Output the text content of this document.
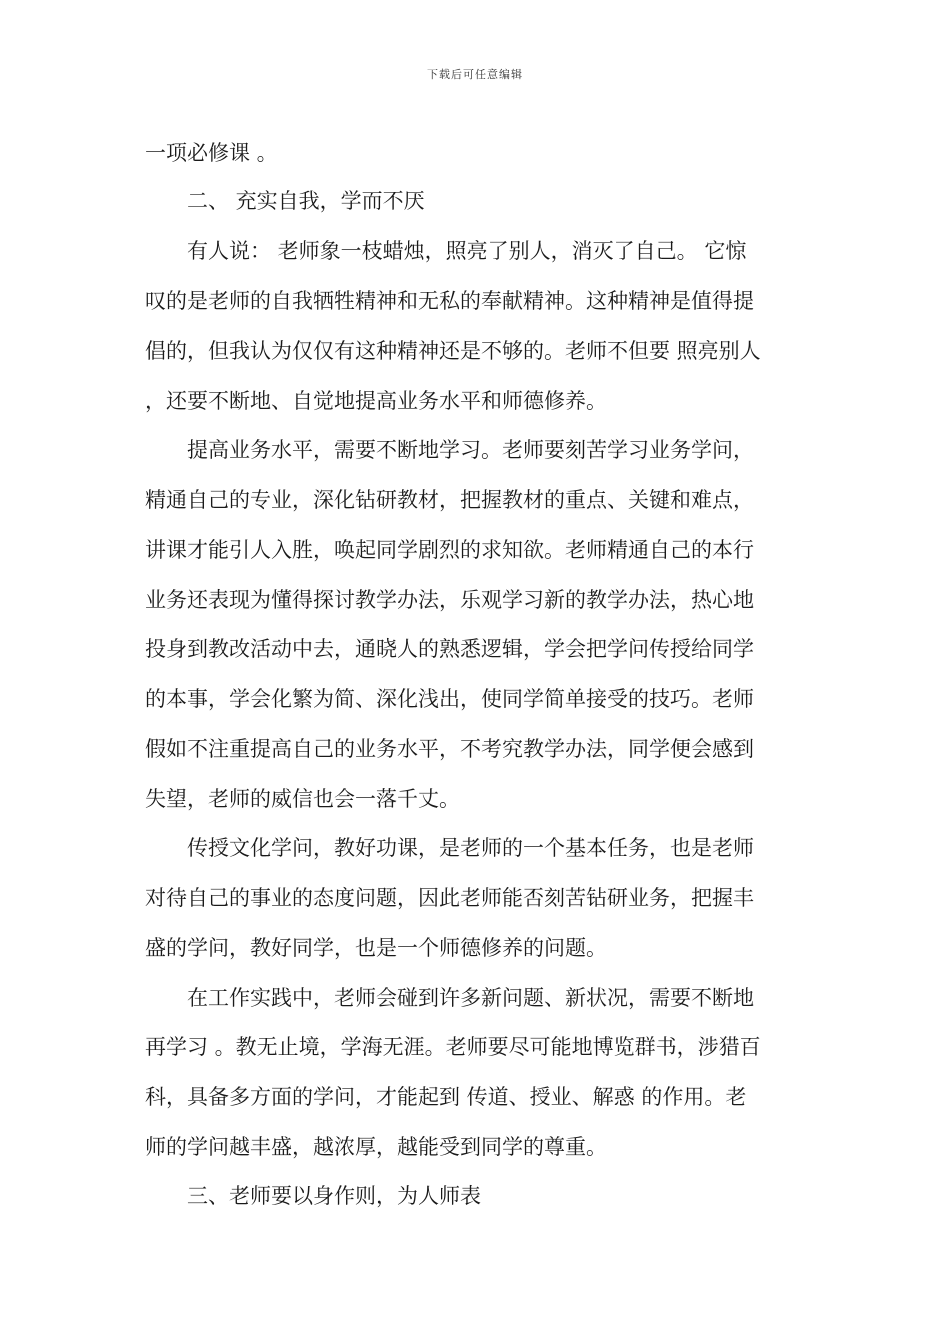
下载后可任意编辑
一项必修课 。
　　二、 充实自我，学而不厌
　　有人说： 老师象一枝蜡烛，照亮了别人，消灭了自己。 它惊
叹的是老师的自我牺牲精神和无私的奉献精神。这种精神是值得提
倡的，但我认为仅仅有这种精神还是不够的。老师不但要 照亮别人
，还要不断地、自觉地提高业务水平和师德修养。
　　提高业务水平，需要不断地学习。老师要刻苦学习业务学问，
精通自己的专业，深化钻研教材，把握教材的重点、关键和难点，
讲课才能引人入胜，唤起同学剧烈的求知欲。老师精通自己的本行
业务还表现为懂得探讨教学办法，乐观学习新的教学办法，热心地
投身到教改活动中去，通晓人的熟悉逻辑，学会把学问传授给同学
的本事，学会化繁为简、深化浅出，使同学简单接受的技巧。老师
假如不注重提高自己的业务水平，不考究教学办法，同学便会感到
失望，老师的威信也会一落千丈。
　　传授文化学问，教好功课，是老师的一个基本任务，也是老师
对待自己的事业的态度问题，因此老师能否刻苦钻研业务，把握丰
盛的学问，教好同学，也是一个师德修养的问题。
　　在工作实践中，老师会碰到许多新问题、新状况，需要不断地
再学习 。教无止境，学海无涯。老师要尽可能地博览群书，涉猎百
科，具备多方面的学问，才能起到 传道、授业、解惑 的作用。老
师的学问越丰盛，越浓厚，越能受到同学的尊重。
　　三、老师要以身作则，为人师表
